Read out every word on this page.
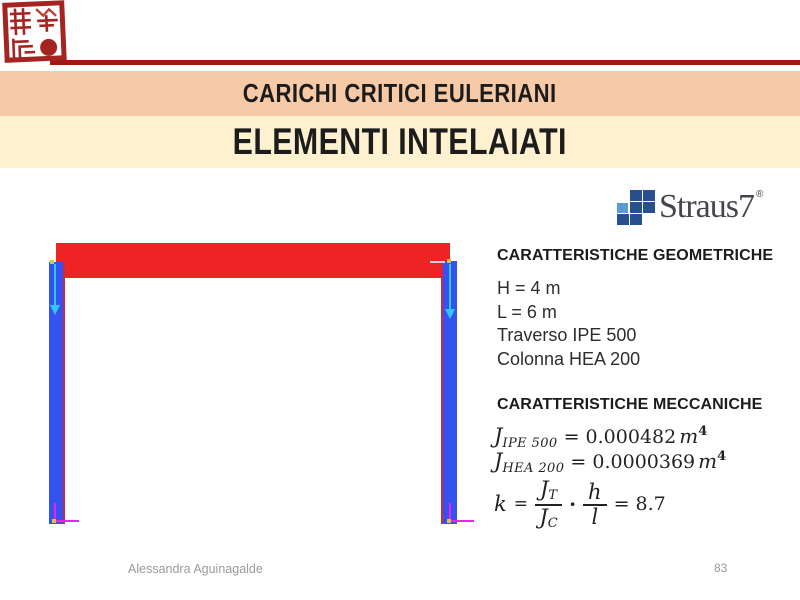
CARICHI CRITICI EULERIANI
ELEMENTI INTELAIATI
Straus7 ®
CARATTERISTICHE GEOMETRICHE
H = 4 m
L = 6 m
Traverso IPE 500
Colonna HEA 200
CARATTERISTICHE MECCANICHE
$J_{IPE 500} = 0.000482$ $m^4$
$J_{HEA 200} = 0.0000369$ $m^4$
$k = \frac{JT}{JC} \cdot \frac{h}{l} = 8.7$
Alessandra Aguinagalde	83
